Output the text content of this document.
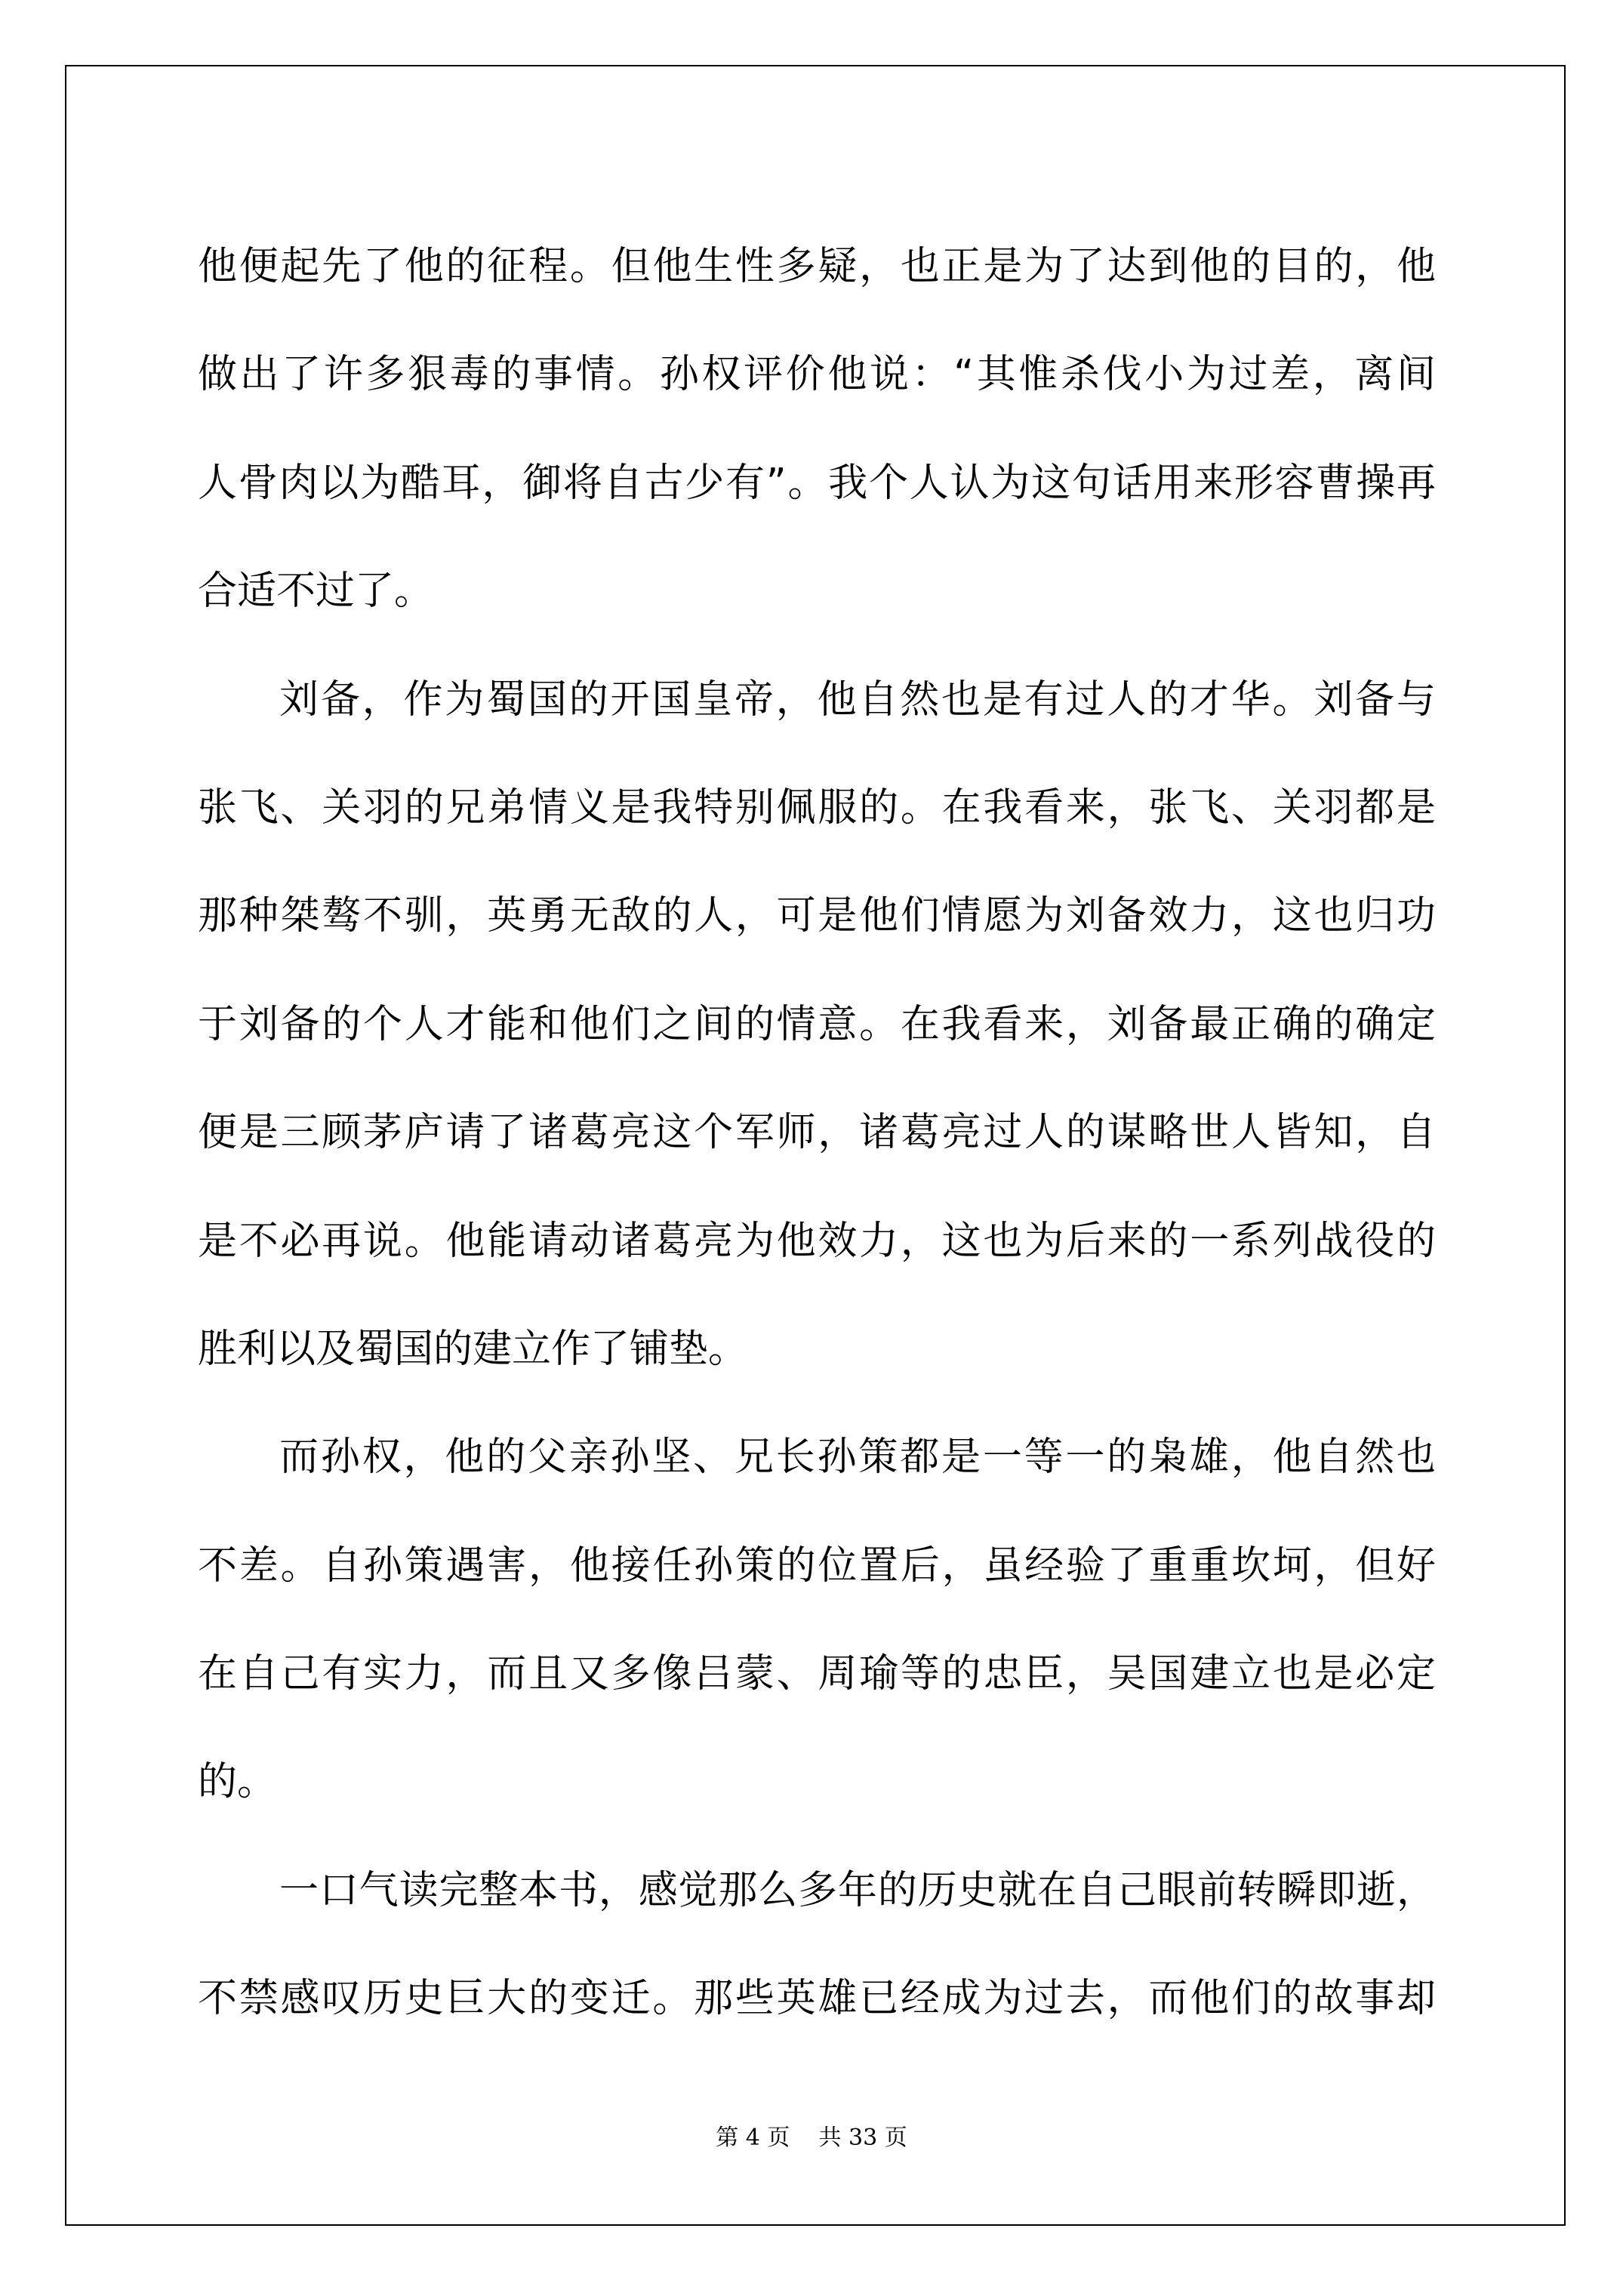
他便起先了他的征程。但他生性多疑，也正是为了达到他的目的，他
做出了许多狠毒的事情。孙权评价他说：“其惟杀伐小为过差，离间
人骨肉以为酷耳，御将自古少有”。我个人认为这句话用来形容曹操再
合适不过了。
刘备，作为蜀国的开国皇帝，他自然也是有过人的才华。刘备与
张飞、关羽的兄弟情义是我特别佩服的。在我看来，张飞、关羽都是
那种桀骜不驯，英勇无敌的人，可是他们情愿为刘备效力，这也归功
于刘备的个人才能和他们之间的情意。在我看来，刘备最正确的确定
便是三顾茅庐请了诸葛亮这个军师，诸葛亮过人的谋略世人皆知，自
是不必再说。他能请动诸葛亮为他效力，这也为后来的一系列战役的
胜利以及蜀国的建立作了铺垫。
而孙权，他的父亲孙坚、兄长孙策都是一等一的枭雄，他自然也
不差。自孙策遇害，他接任孙策的位置后，虽经验了重重坎坷，但好
在自己有实力，而且又多像吕蒙、周瑜等的忠臣，吴国建立也是必定
的。
一口气读完整本书，感觉那么多年的历史就在自己眼前转瞬即逝，
不禁感叹历史巨大的变迁。那些英雄已经成为过去，而他们的故事却
第 4 页    共 33 页
